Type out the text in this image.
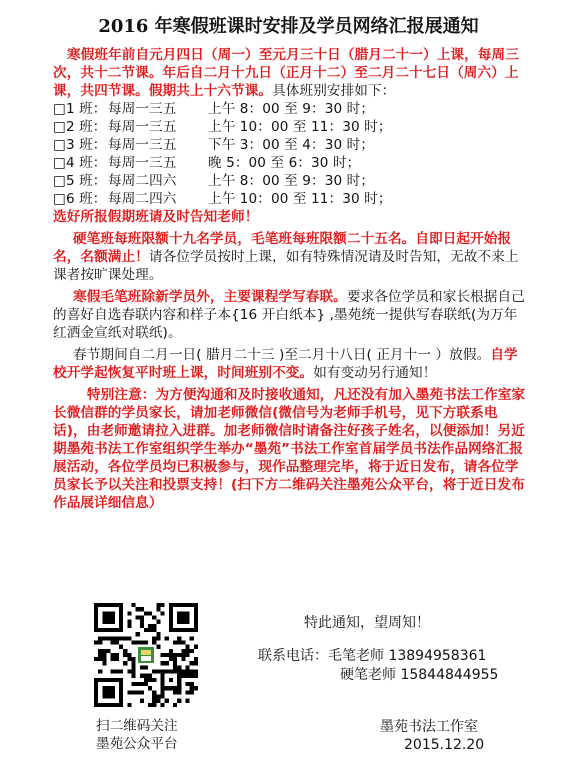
2016 年寒假班课时安排及学员网络汇报展通知

寒假班年前自元月四日（周一）至元月三十日（腊月二十一）上课，每周三次，共十二节课。年后自二月十九日（正月十二）至二月二十七日（周六）上课，共四节课。假期共上十六节课。具体班别安排如下：

□1 班：每周一三五 上午 8：00 至 9：30 时；
□2 班：每周一三五 上午 10：00 至 11：30 时；
□3 班：每周一三五 下午 3：00 至 4：30 时；
□4 班：每周一三五 晚 5：00 至 6：30 时；
□5 班：每周二四六 上午 8：00 至 9：30 时；
□6 班：每周二四六 上午 10：00 至 11：30 时；

选好所报假期班请及时告知老师！

硬笔班每班限额十九名学员，毛笔班每班限额二十五名。自即日起开始报名，名额满止！请各位学员按时上课，如有特殊情况请及时告知，无故不来上课者按旷课处理。

寒假毛笔班除新学员外，主要课程学写春联。要求各位学员和家长根据自己的喜好自选春联内容和样子本{16 开白纸本} ,墨苑统一提供写春联纸(为万年红洒金宣纸对联纸)。

春节期间自二月一日( 腊月二十三 )至二月十八日( 正月十一 ）放假。自学校开学起恢复平时班上课，时间班别不变。如有变动另行通知！

特别注意：为方便沟通和及时接收通知，凡还没有加入墨苑书法工作室家长微信群的学员家长，请加老师微信(微信号为老师手机号，见下方联系电话)，由老师邀请拉入进群。加老师微信时请备注好孩子姓名，以便添加！另近期墨苑书法工作室组织学生举办“墨苑”书法工作室首届学员书法作品网络汇报展活动，各位学员均已积极参与，现作品整理完毕，将于近日发布，请各位学员家长予以关注和投票支持！(扫下方二维码关注墨苑公众平台，将于近日发布作品展详细信息）

扫二维码关注
墨苑公众平台
特此通知，望周知！
联系电话：毛笔老师 13894958361
硬笔老师 15844844955
墨苑书法工作室
2015.12.20
